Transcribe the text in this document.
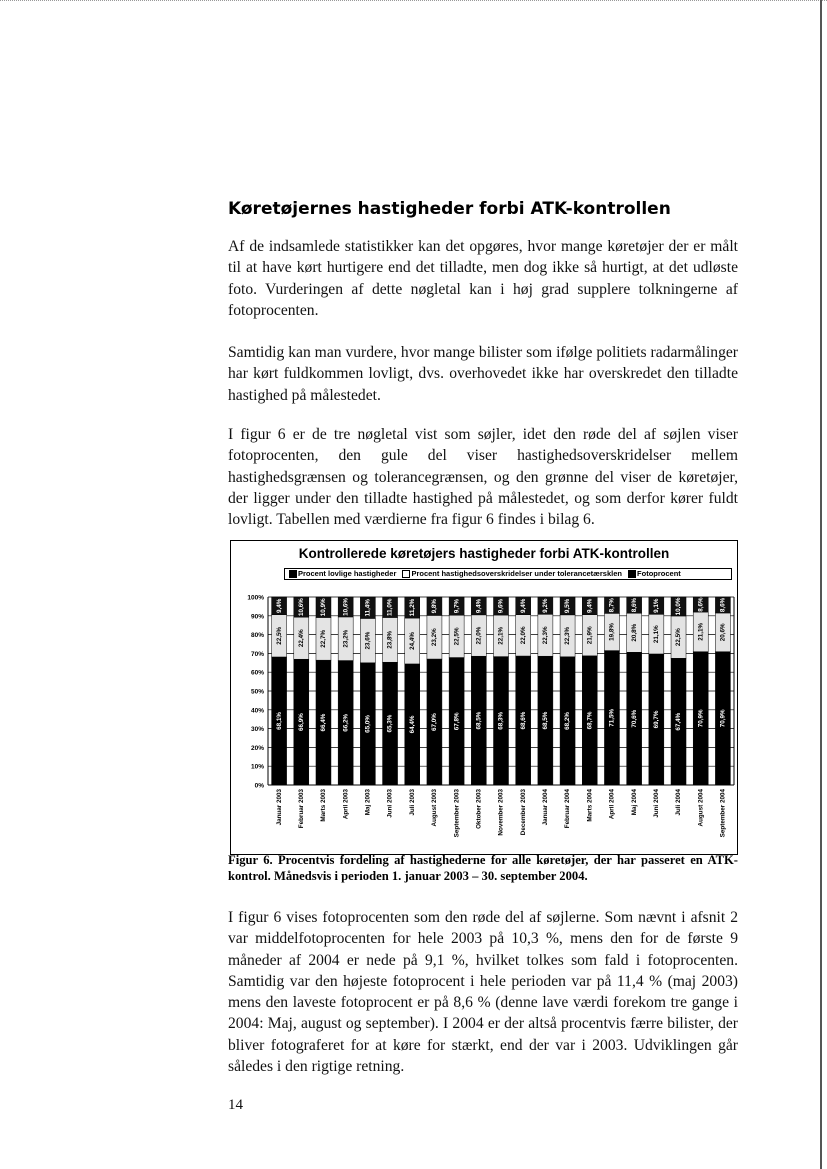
Køretøjernes hastigheder forbi ATK-kontrollen

Af de indsamlede statistikker kan det opgøres, hvor mange køretøjer der er målt til at have kørt hurtigere end det tilladte, men dog ikke så hurtigt, at det udløste foto. Vurderingen af dette nøgletal kan i høj grad supplere tolkningerne af fotoprocenten.

Samtidig kan man vurdere, hvor mange bilister som ifølge politiets radarmålinger har kørt fuldkommen lovligt, dvs. overhovedet ikke har overskredet den tilladte hastighed på målestedet.

I figur 6 er de tre nøgletal vist som søjler, idet den røde del af søjlen viser fotoprocenten, den gule del viser hastighedsoverskridelser mellem hastighedsgrænsen og tolerancegrænsen, og den grønne del viser de køretøjer, der ligger under den tilladte hastighed på målestedet, og som derfor kører fuldt lovligt. Tabellen med værdierne fra figur 6 findes i bilag 6.

Kontrollerede køretøjers hastigheder forbi ATK-kontrollen
Procent lovlige hastigheder Procent hastighedsoverskridelser under tolerancetærsklen Fotoprocent
0%
10%
20%
30%
40%
50%
60%
70%
80%
90%
100%
68,1%
22,5%
9,4%
Januar 2003
66,9%
22,4%
10,6%
Februar 2003
66,4%
22,7%
10,9%
Marts 2003
66,2%
23,2%
10,6%
April 2003
65,0%
23,6%
11,4%
Maj 2003
65,3%
23,8%
11,0%
Juni 2003
64,4%
24,4%
11,2%
Juli 2003
67,0%
23,2%
9,8%
August 2003
67,8%
22,5%
9,7%
September 2003
68,5%
22,0%
9,4%
Oktober 2003
68,3%
22,1%
9,6%
November 2003
68,6%
22,0%
9,4%
December 2003
68,5%
22,3%
9,2%
Januar 2004
68,2%
22,3%
9,5%
Februar 2004
68,7%
21,9%
9,4%
Marts 2004
71,5%
19,8%
8,7%
April 2004
70,6%
20,8%
8,6%
Maj 2004
69,7%
21,1%
9,1%
Juni 2004
67,4%
22,5%
10,0%
Juli 2004
70,9%
21,1%
8,6%
August 2004
70,9%
20,6%
8,6%
September 2004

Figur 6. Procentvis fordeling af hastighederne for alle køretøjer, der har passeret en ATK-kontrol. Månedsvis i perioden 1. januar 2003 – 30. september 2004.

I figur 6 vises fotoprocenten som den røde del af søjlerne. Som nævnt i afsnit 2 var middelfotoprocenten for hele 2003 på 10,3 %, mens den for de første 9 måneder af 2004 er nede på 9,1 %, hvilket tolkes som fald i fotoprocenten. Samtidig var den højeste fotoprocent i hele perioden var på 11,4 % (maj 2003) mens den laveste fotoprocent er på 8,6 % (denne lave værdi forekom tre gange i 2004: Maj, august og september). I 2004 er der altså procentvis færre bilister, der bliver fotograferet for at køre for stærkt, end der var i 2003. Udviklingen går således i den rigtige retning.

14
